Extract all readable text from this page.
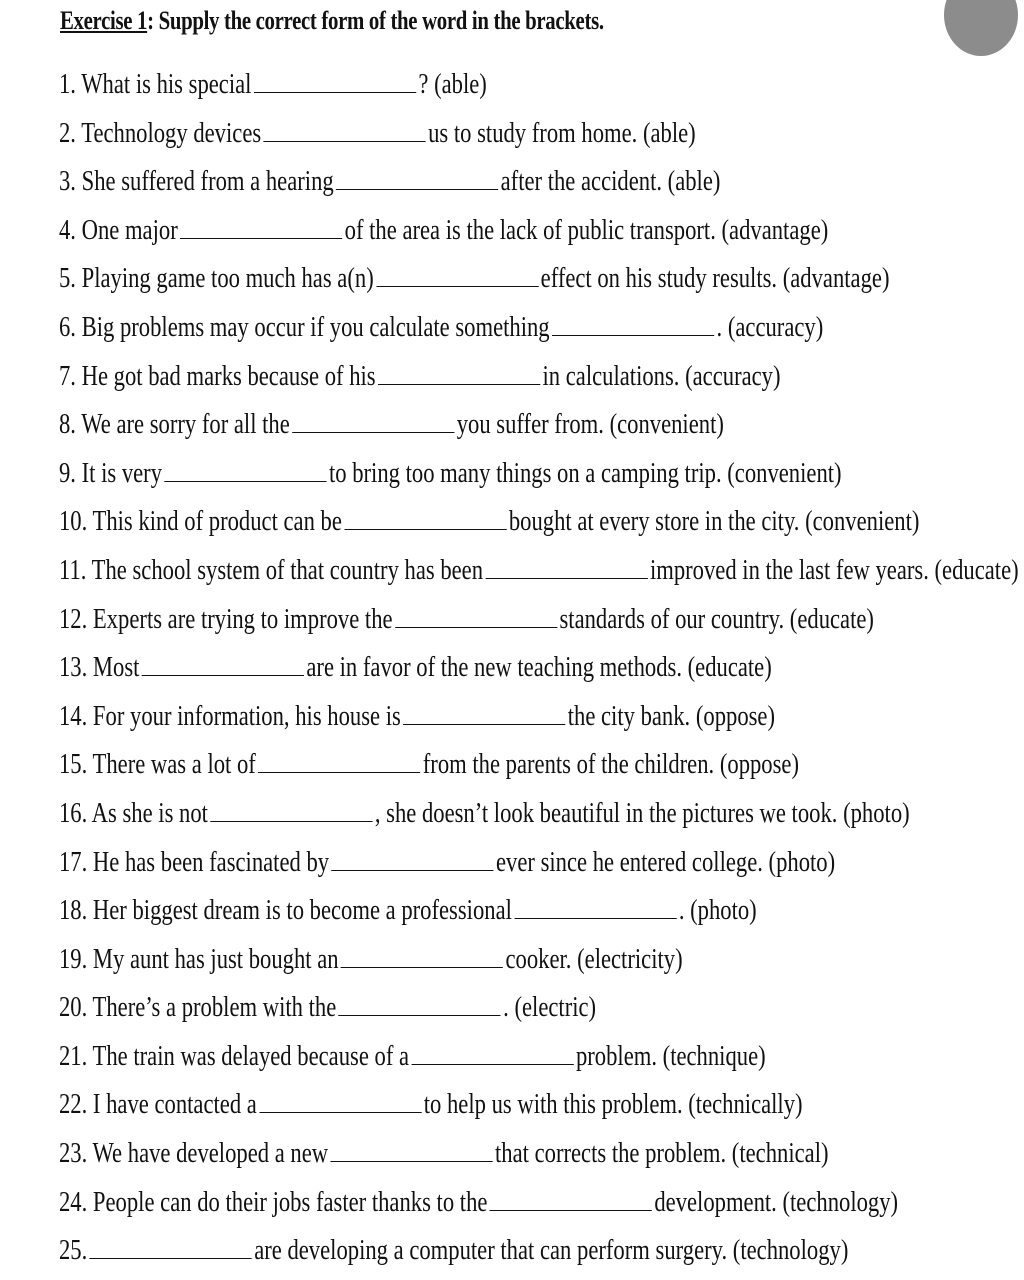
Exercise 1: Supply the correct form of the word in the brackets.
1. What is his special	? (able)
2. Technology devices	us to study from home. (able)
3. She suffered from a hearing	after the accident. (able)
4. One major	of the area is the lack of public transport. (advantage)
5. Playing game too much has a(n)	effect on his study results. (advantage)
6. Big problems may occur if you calculate something	. (accuracy)
7. He got bad marks because of his	in calculations. (accuracy)
8. We are sorry for all the	you suffer from. (convenient)
9. It is very	to bring too many things on a camping trip. (convenient)
10. This kind of product can be	bought at every store in the city. (convenient)
11. The school system of that country has been	improved in the last few years. (educate)
12. Experts are trying to improve the	standards of our country. (educate)
13. Most	are in favor of the new teaching methods. (educate)
14. For your information, his house is	the city bank. (oppose)
15. There was a lot of	from the parents of the children. (oppose)
16. As she is not	, she doesn’t look beautiful in the pictures we took. (photo)
17. He has been fascinated by	ever since he entered college. (photo)
18. Her biggest dream is to become a professional	. (photo)
19. My aunt has just bought an	cooker. (electricity)
20. There’s a problem with the	. (electric)
21. The train was delayed because of a	problem. (technique)
22. I have contacted a	to help us with this problem. (technically)
23. We have developed a new	that corrects the problem. (technical)
24. People can do their jobs faster thanks to the	development. (technology)
25.	are developing a computer that can perform surgery. (technology)
